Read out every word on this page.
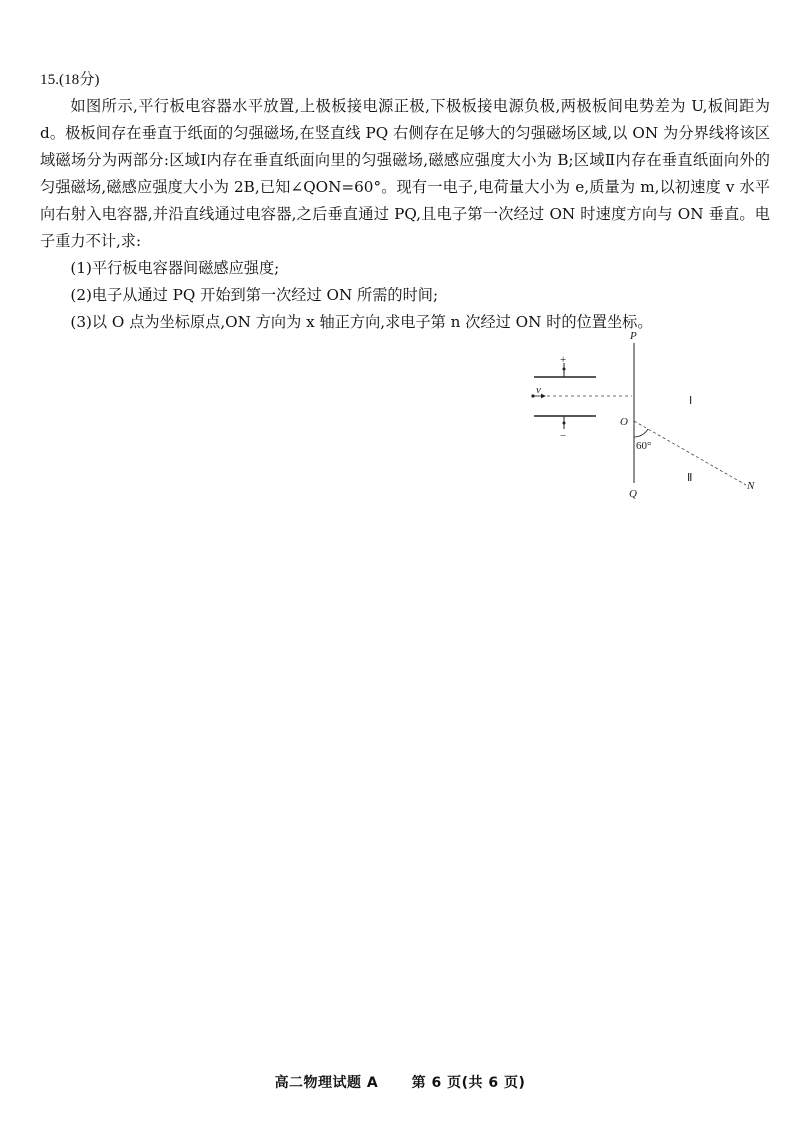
15.(18分)

如图所示,平行板电容器水平放置,上极板接电源正极,下极板接电源负极,两极板间电势差为 U,板间距为 d。极板间存在垂直于纸面的匀强磁场,在竖直线 PQ 右侧存在足够大的匀强磁场区域,以 ON 为分界线将该区域磁场分为两部分:区域Ⅰ内存在垂直纸面向里的匀强磁场,磁感应强度大小为 B;区域Ⅱ内存在垂直纸面向外的匀强磁场,磁感应强度大小为 2B,已知∠QON=60°。现有一电子,电荷量大小为 e,质量为 m,以初速度 v 水平向右射入电容器,并沿直线通过电容器,之后垂直通过 PQ,且电子第一次经过 ON 时速度方向与 ON 垂直。电子重力不计,求:

(1)平行板电容器间磁感应强度;

(2)电子从通过 PQ 开始到第一次经过 ON 所需的时间;

(3)以 O 点为坐标原点,ON 方向为 x 轴正方向,求电子第 n 次经过 ON 时的位置坐标。

+
−
v
P
Q
O
N
60°
Ⅰ
Ⅱ
高二物理试题 A 第 6 页(共 6 页)
